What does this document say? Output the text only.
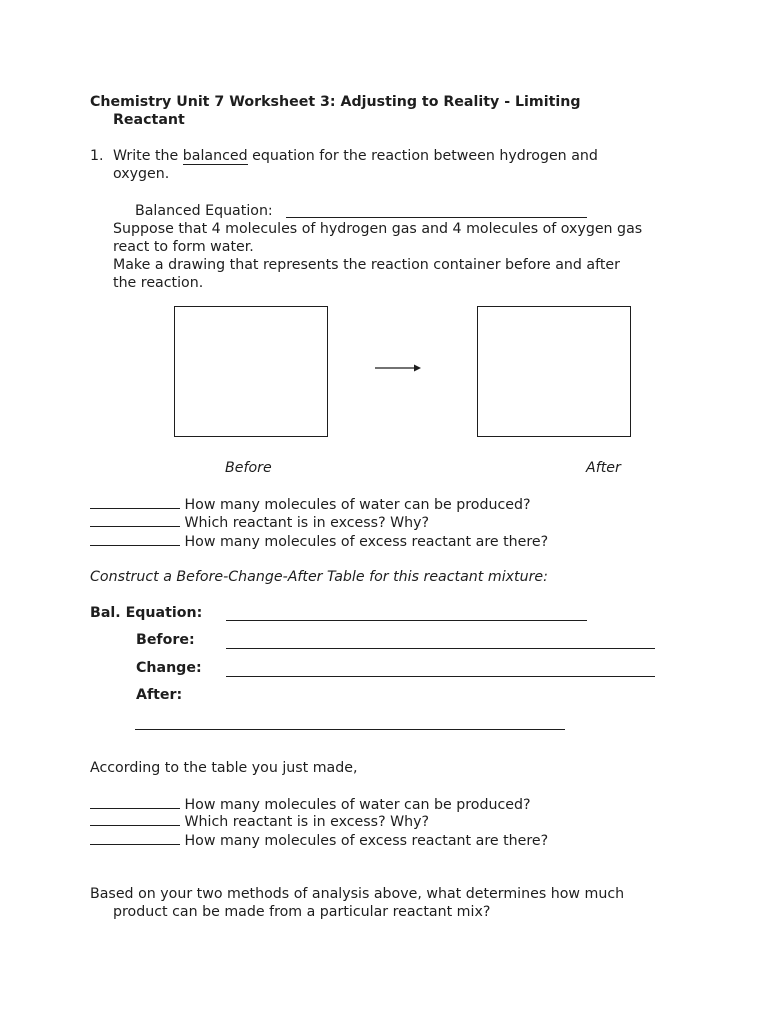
Chemistry Unit 7 Worksheet 3: Adjusting to Reality - Limiting
Reactant
1. Write the balanced equation for the reaction between hydrogen and
oxygen.
Balanced Equation:
Suppose that 4 molecules of hydrogen gas and 4 molecules of oxygen gas
react to form water.
Make a drawing that represents the reaction container before and after
the reaction.
Before	After
How many molecules of water can be produced?
Which reactant is in excess? Why?
How many molecules of excess reactant are there?
Construct a Before-Change-After Table for this reactant mixture:
Bal. Equation:
Before:
Change:
After:
According to the table you just made,
How many molecules of water can be produced?
Which reactant is in excess? Why?
How many molecules of excess reactant are there?
Based on your two methods of analysis above, what determines how much
product can be made from a particular reactant mix?
